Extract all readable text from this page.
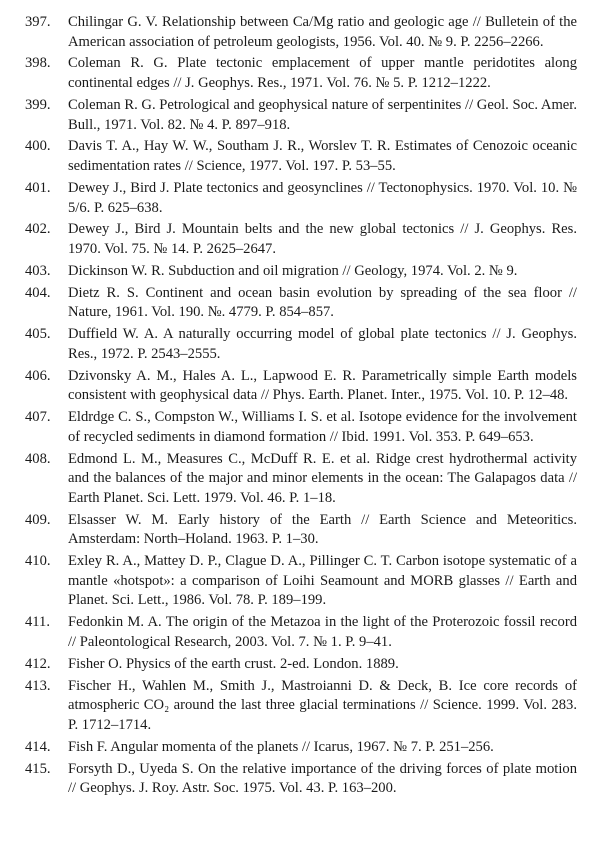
397.	Chilingar G. V. Relationship between Ca/Mg ratio and geologic age // Bulletein of the American association of petroleum geologists, 1956. Vol. 40. № 9. P. 2256–2266.
398.	Coleman R. G. Plate tectonic emplacement of upper mantle peridotites along continental edges // J. Geophys. Res., 1971. Vol. 76. № 5. P. 1212–1222.
399.	Coleman R. G. Petrological and geophysical nature of serpentinites // Geol. Soc. Amer. Bull., 1971. Vol. 82. № 4. P. 897–918.
400.	Davis T. A., Hay W. W., Southam J. R., Worslev T. R. Estimates of Cenozoic oceanic sedimentation rates // Science, 1977. Vol. 197. P. 53–55.
401.	Dewey J., Bird J. Plate tectonics and geosynclines // Tectonophysics. 1970. Vol. 10. № 5/6. P. 625–638.
402.	Dewey J., Bird J. Mountain belts and the new global tectonics // J. Geophys. Res. 1970. Vol. 75. № 14. P. 2625–2647.
403.	Dickinson W. R. Subduction and oil migration // Geology, 1974. Vol. 2. № 9.
404.	Dietz R. S. Continent and ocean basin evolution by spreading of the sea floor // Nature, 1961. Vol. 190. №. 4779. P. 854–857.
405.	Duffield W. A. A naturally occurring model of global plate tectonics // J. Geophys. Res., 1972. P. 2543–2555.
406.	Dzivonsky A. M., Hales A. L., Lapwood E. R. Parametrically simple Earth models consistent with geophysical data // Phys. Earth. Planet. Inter., 1975. Vol. 10. P. 12–48.
407.	Eldrdge C. S., Compston W., Williams I. S. et al. Isotope evidence for the involvement of recycled sediments in diamond formation // Ibid. 1991. Vol. 353. P. 649–653.
408.	Edmond L. M., Measures C., McDuff R. E. et al. Ridge crest hydrothermal activity and the balances of the major and minor elements in the ocean: The Galapagos data // Earth Planet. Sci. Lett. 1979. Vol. 46. P. 1–18.
409.	Elsasser W. M. Early history of the Earth // Earth Science and Meteoritics. Amsterdam: North–Holand. 1963. P. 1–30.
410.	Exley R. A., Mattey D. P., Clague D. A., Pillinger C. T. Carbon isotope systematic of a mantle «hotspot»: a comparison of Loihi Seamount and MORB glasses // Earth and Planet. Sci. Lett., 1986. Vol. 78. P. 189–199.
411.	Fedonkin M. A. The origin of the Metazoa in the light of the Proterozoic fossil record // Paleontological Research, 2003. Vol. 7. № 1. P. 9–41.
412.	Fisher O. Physics of the earth crust. 2-ed. London. 1889.
413.	Fischer H., Wahlen M., Smith J., Mastroianni D. & Deck, B. Ice core records of atmospheric CO₂ around the last three glacial terminations // Science. 1999. Vol. 283. P. 1712–1714.
414.	Fish F. Angular momenta of the planets // Icarus, 1967. № 7. P. 251–256.
415.	Forsyth D., Uyeda S. On the relative importance of the driving forces of plate motion // Geophys. J. Roy. Astr. Soc. 1975. Vol. 43. P. 163–200.
